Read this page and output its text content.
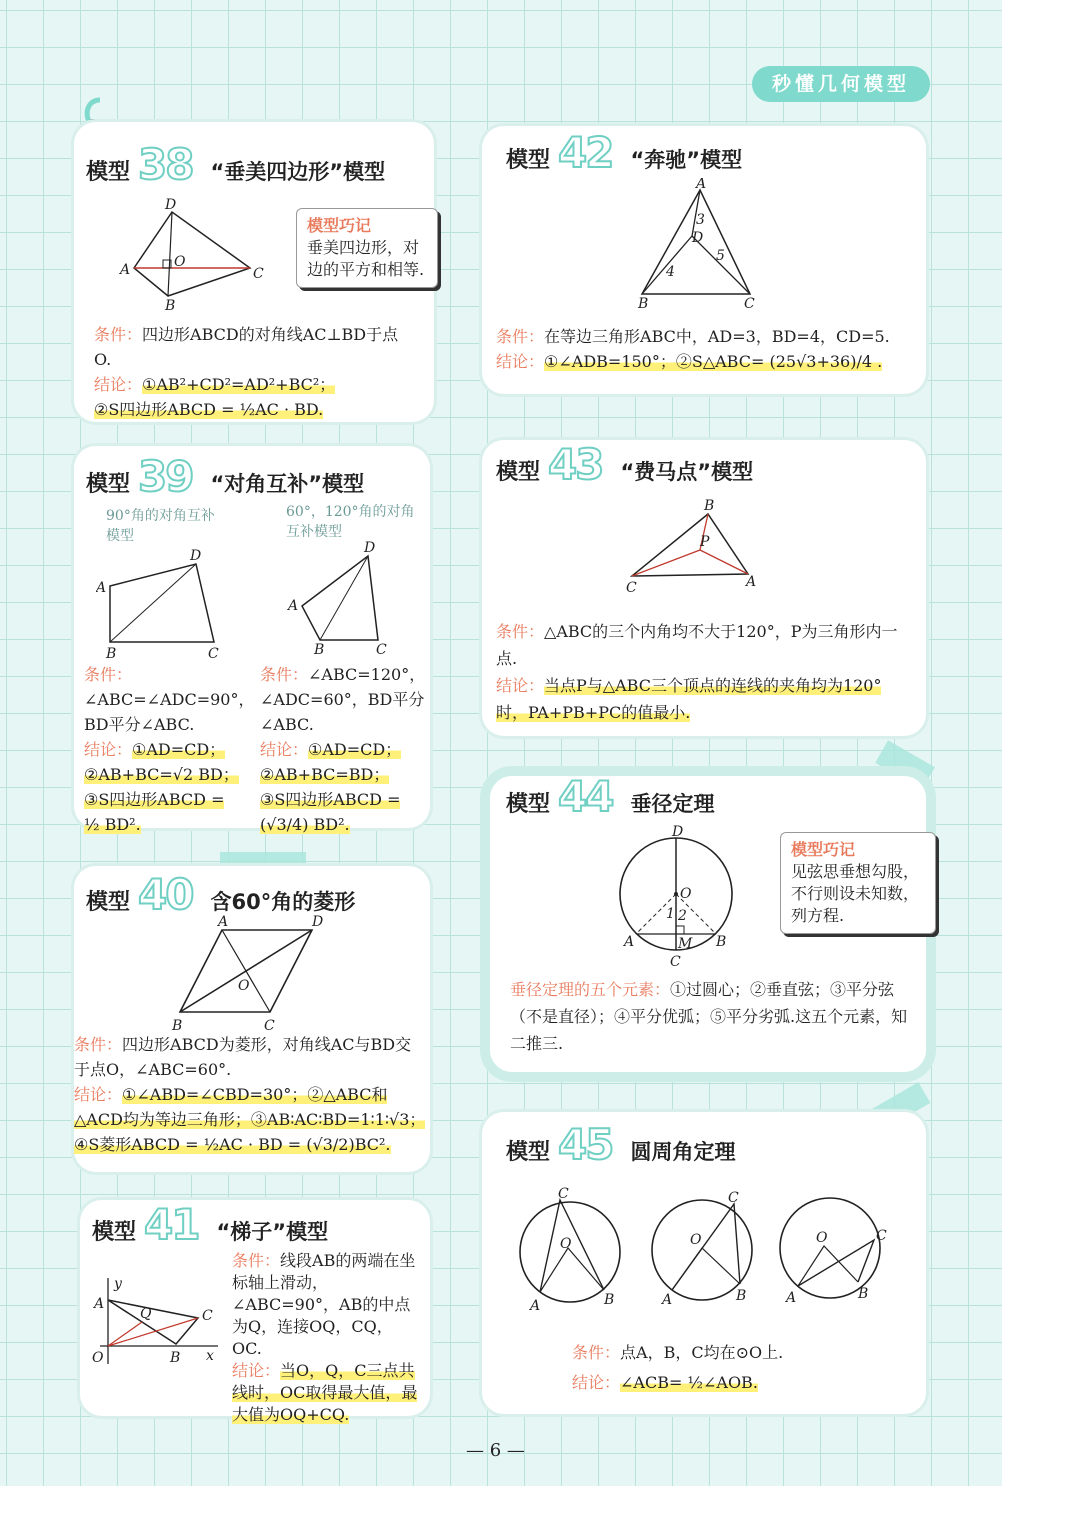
秒懂几何模型
模型 38 “垂美四边形”模型
D
A	O
C
B
模型巧记
垂美四边形，对边的平方和相等.
条件：四边形ABCD的对角线AC⊥BD于点O.
结论：①AB²+CD²=AD²+BC²；
②S四边形ABCD = ½AC · BD.
模型 42 “奔驰”模型
A
3
D
5
4
B	C
条件：在等边三角形ABC中，AD=3，BD=4，CD=5.
结论：①∠ADB=150°；②S△ABC= (25√3+36)/4 .
模型 39 “对角互补”模型
90°角的对角互补模型
60°，120°角的对角互补模型
D
A
B	C
D
A
B	C
条件：∠ABC=∠ADC=90°，BD平分∠ABC.
结论：①AD=CD；
②AB+BC=√2 BD；
③S四边形ABCD = ½ BD².
条件：∠ABC=120°，∠ADC=60°，BD平分∠ABC.
结论：①AD=CD；
②AB+BC=BD；
③S四边形ABCD = (√3/4) BD².
模型 43 “费马点”模型
B
P
C	A
条件：△ABC的三个内角均不大于120°，P为三角形内一点.
结论：当点P与△ABC三个顶点的连线的夹角均为120°时，PA+PB+PC的值最小.
模型 40 含60°角的菱形
A	D
O
B	C
条件：四边形ABCD为菱形，对角线AC与BD交于点O，∠ABC=60°.
结论：①∠ABD=∠CBD=30°；②△ABC和△ACD均为等边三角形；③AB∶AC∶BD=1∶1∶√3；④S菱形ABCD = ½AC · BD = (√3/2)BC².
模型 44 垂径定理
D
O
1 2
A	M B
C
模型巧记
见弦思垂想勾股，不行则设未知数，列方程.
垂径定理的五个元素：①过圆心；②垂直弦；③平分弦（不是直径）；④平分优弧；⑤平分劣弧.这五个元素，知二推三.
模型 41 “梯子”模型
y
A
Q	C
O	B x
条件：线段AB的两端在坐标轴上滑动，∠ABC=90°，AB的中点为Q，连接OQ，CQ，OC.
结论：当O，Q，C三点共线时，OC取得最大值，最大值为OQ+CQ.
模型 45 圆周角定理
C
O
A	B
C
O
A	B
C
O
A	B
条件：点A，B，C均在⊙O上.
结论：∠ACB= ½∠AOB.
— 6 —
